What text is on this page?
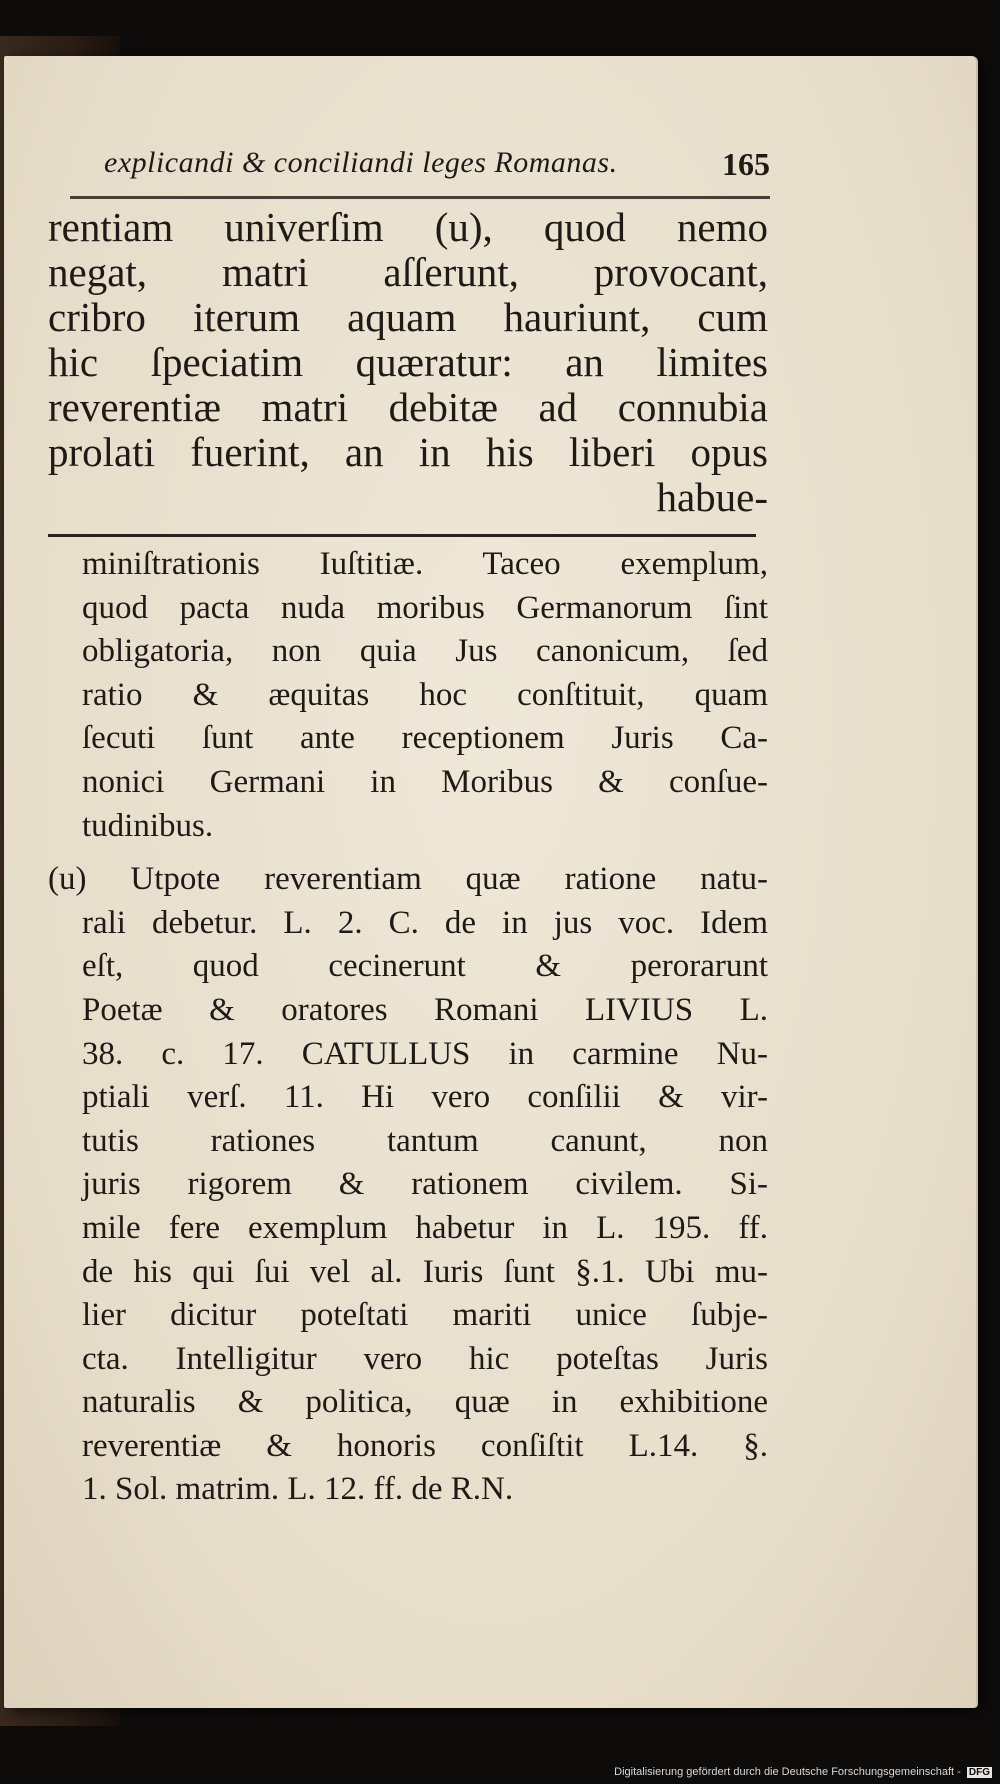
explicandi & conciliandi leges Romanas.	165
rentiam univerſim (u), quod nemo
negat, matri aſſerunt, provocant,
cribro iterum aquam hauriunt, cum
hic ſpeciatim quæratur: an limites
reverentiæ matri debitæ ad connubia
prolati fuerint, an in his liberi opus
habue-
miniſtrationis Iuſtitiæ. Taceo exemplum,
quod pacta nuda moribus Germanorum ſint
obligatoria, non quia Jus canonicum, ſed
ratio & æquitas hoc conſtituit, quam
ſecuti ſunt ante receptionem Juris Ca-
nonici Germani in Moribus & conſue-
tudinibus.
(u) Utpote reverentiam quæ ratione natu-
rali debetur. L. 2. C. de in jus voc. Idem
eſt, quod cecinerunt & perorarunt
Poetæ & oratores Romani LIVIUS L.
38. c. 17. CATULLUS in carmine Nu-
ptiali verſ. 11. Hi vero conſilii & vir-
tutis rationes tantum canunt, non
juris rigorem & rationem civilem. Si-
mile fere exemplum habetur in L. 195. ff.
de his qui ſui vel al. Iuris ſunt §.1. Ubi mu-
lier dicitur poteſtati mariti unice ſubje-
cta. Intelligitur vero hic poteſtas Juris
naturalis & politica, quæ in exhibitione
reverentiæ & honoris conſiſtit L.14. §.
1. Sol. matrim. L. 12. ff. de R.N.
Digitalisierung gefördert durch die Deutsche Forschungsgemeinschaft - DFG
